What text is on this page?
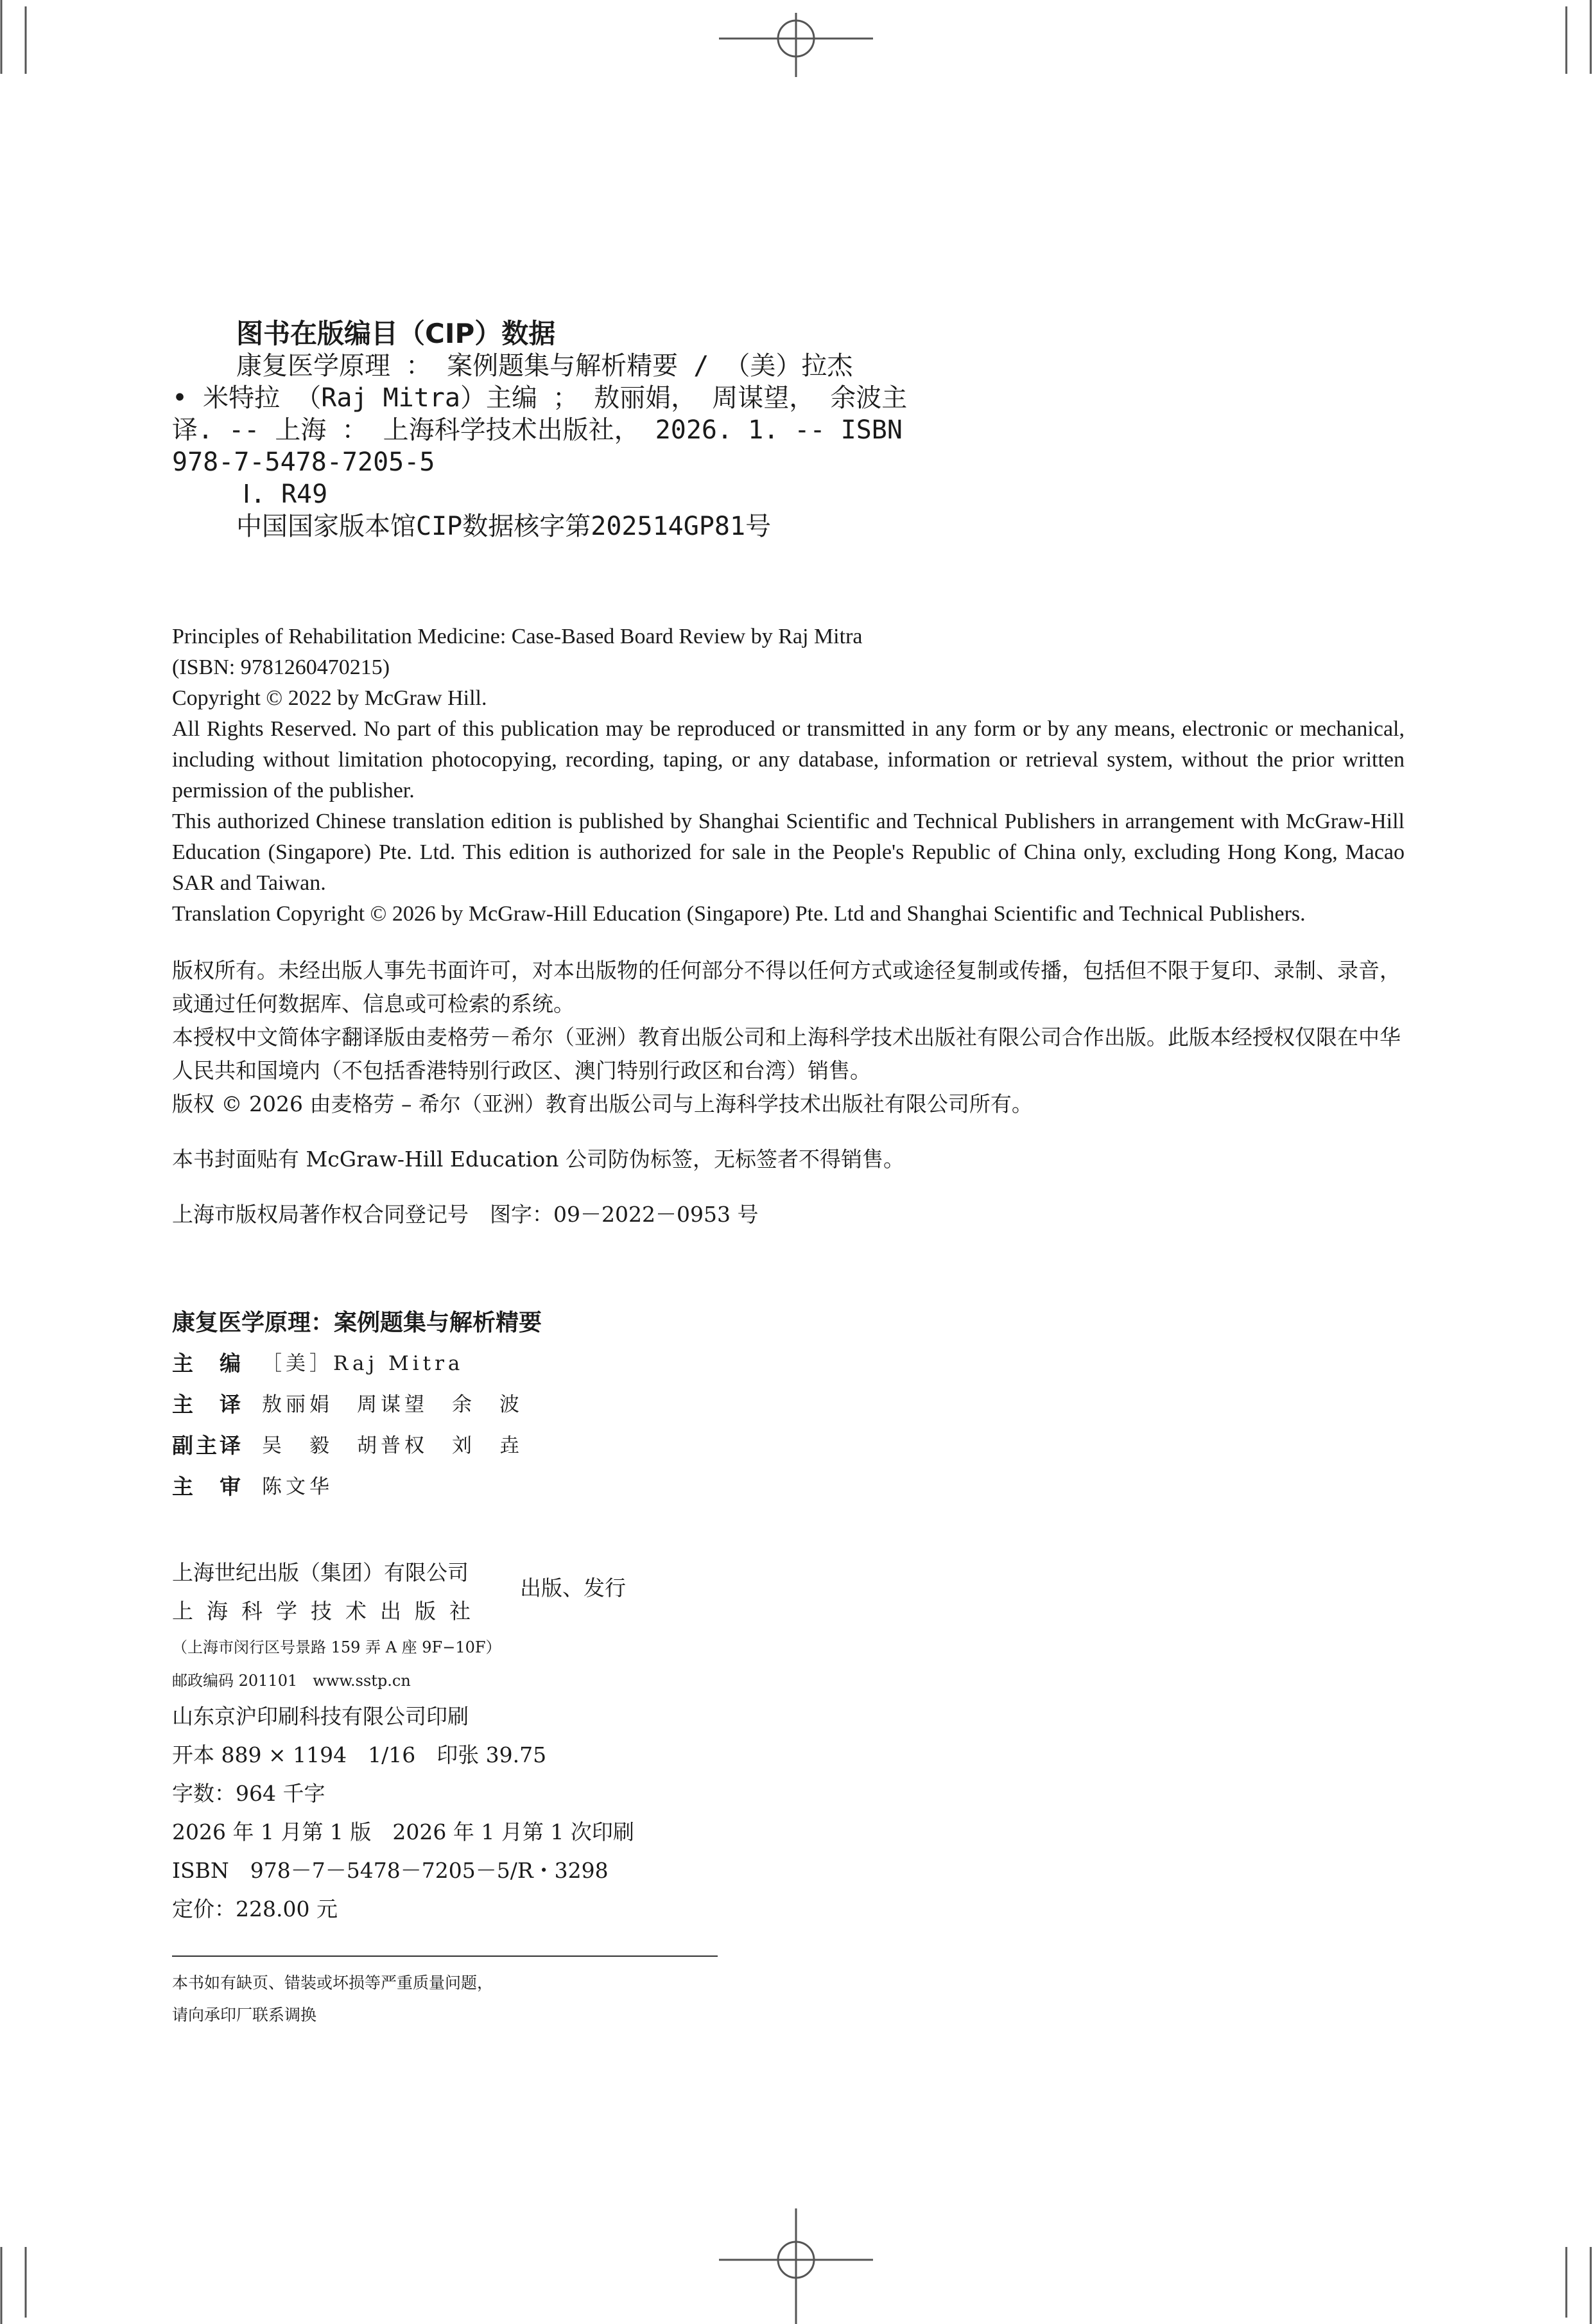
图书在版编目（CIP）数据
康复医学原理 ： 案例题集与解析精要 / （美）拉杰
• 米特拉 （Raj Mitra）主编 ； 敖丽娟， 周谋望， 余波主
译. -- 上海 ： 上海科学技术出版社， 2026. 1. -- ISBN
978-7-5478-7205-5
Ⅰ. R49
中国国家版本馆CIP数据核字第202514GP81号

Principles of Rehabilitation Medicine: Case-Based Board Review by Raj Mitra

(ISBN: 9781260470215)

Copyright © 2022 by McGraw Hill.

All Rights Reserved. No part of this publication may be reproduced or transmitted in any form or by any means, electronic or mechanical, including without limitation photocopying, recording, taping, or any database, information or retrieval system, without the prior written permission of the publisher.

This authorized Chinese translation edition is published by Shanghai Scientific and Technical Publishers in arrangement with McGraw-Hill Education (Singapore) Pte. Ltd. This edition is authorized for sale in the People's Republic of China only, excluding Hong Kong, Macao SAR and Taiwan.

Translation Copyright © 2026 by McGraw-Hill Education (Singapore) Pte. Ltd and Shanghai Scientific and Technical Publishers.

版权所有。未经出版人事先书面许可，对本出版物的任何部分不得以任何方式或途径复制或传播，包括但不限于复印、录制、录音，或通过任何数据库、信息或可检索的系统。

本授权中文简体字翻译版由麦格劳－希尔（亚洲）教育出版公司和上海科学技术出版社有限公司合作出版。此版本经授权仅限在中华人民共和国境内（不包括香港特别行政区、澳门特别行政区和台湾）销售。

版权 © 2026 由麦格劳 – 希尔（亚洲）教育出版公司与上海科学技术出版社有限公司所有。

本书封面贴有 McGraw-Hill Education 公司防伪标签，无标签者不得销售。

上海市版权局著作权合同登记号　图字：09－2022－0953 号

康复医学原理：案例题集与解析精要
主　编 ［美］Raj Mitra
主　译 敖丽娟　周谋望　余　波
副主译 吴　毅　胡普权　刘　垚
主　审 陈文华
上海世纪出版（集团）有限公司
上海科学技术出版社
（上海市闵行区号景路 159 弄 A 座 9F−10F）
邮政编码 201101　www.sstp.cn
山东京沪印刷科技有限公司印刷
开本 889 × 1194　1/16　印张 39.75
字数：964 千字
2026 年 1 月第 1 版　2026 年 1 月第 1 次印刷
ISBN　978－7－5478－7205－5/R・3298
定价：228.00 元
出版、发行
本书如有缺页、错装或坏损等严重质量问题，
请向承印厂联系调换
